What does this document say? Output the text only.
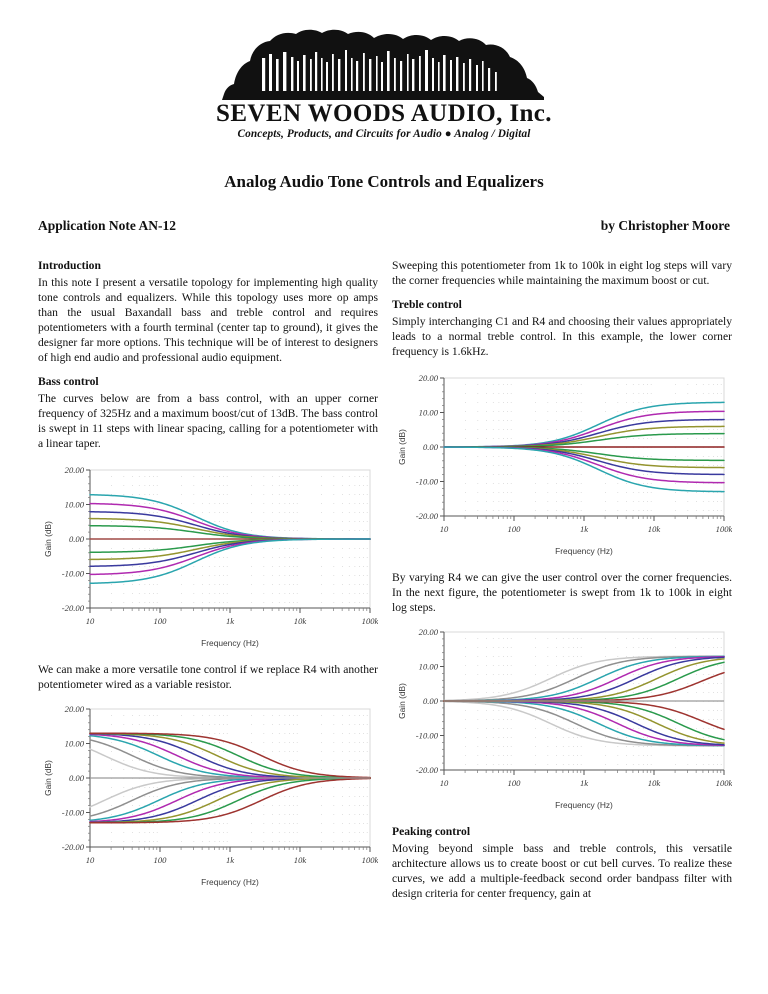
SEVEN WOODS AUDIO, Inc.
Concepts, Products, and Circuits for Audio ● Analog / Digital
Analog Audio Tone Controls and Equalizers
Application Note AN-12	by Christopher Moore
Introduction

In this note I present a versatile topology for implementing high quality tone controls and equalizers. While this topology uses more op amps than the usual Baxandall bass and treble control and requires potentiometers with a fourth terminal (center tap to ground), it gives the designer far more options. This technique will be of interest to designers of high end audio and professional audio equipment.

Bass control

The curves below are from a bass control, with an upper corner frequency of 325Hz and a maximum boost/cut of 13dB. The bass control is swept in 11 steps with linear spacing, calling for a potentiometer with a linear taper.

-20.00
-10.00
0.00
10.00
20.00
10	100	1k	10k	100k
Frequency (Hz)
Gain (dB)

We can make a more versatile tone control if we replace R4 with another potentiometer wired as a variable resistor.

-20.00
-10.00
0.00
10.00
20.00
10	100	1k	10k	100k
Frequency (Hz)
Gain (dB)

Sweeping this potentiometer from 1k to 100k in eight log steps will vary the corner frequencies while maintaining the maximum boost or cut.

Treble control

Simply interchanging C1 and R4 and choosing their values appropriately leads to a normal treble control. In this example, the lower corner frequency is 1.6kHz.

-20.00
-10.00
0.00
10.00
20.00
10	100	1k	10k	100k
Frequency (Hz)
Gain (dB)

By varying R4 we can give the user control over the corner frequencies. In the next figure, the potentiometer is swept from 1k to 100k in eight log steps.

-20.00
-10.00
0.00
10.00
20.00
10	100	1k	10k	100k
Frequency (Hz)
Gain (dB)
Peaking control

Moving beyond simple bass and treble controls, this versatile architecture allows us to create boost or cut bell curves. To realize these curves, we add a multiple-feedback second order bandpass filter with design criteria for center frequency, gain at
